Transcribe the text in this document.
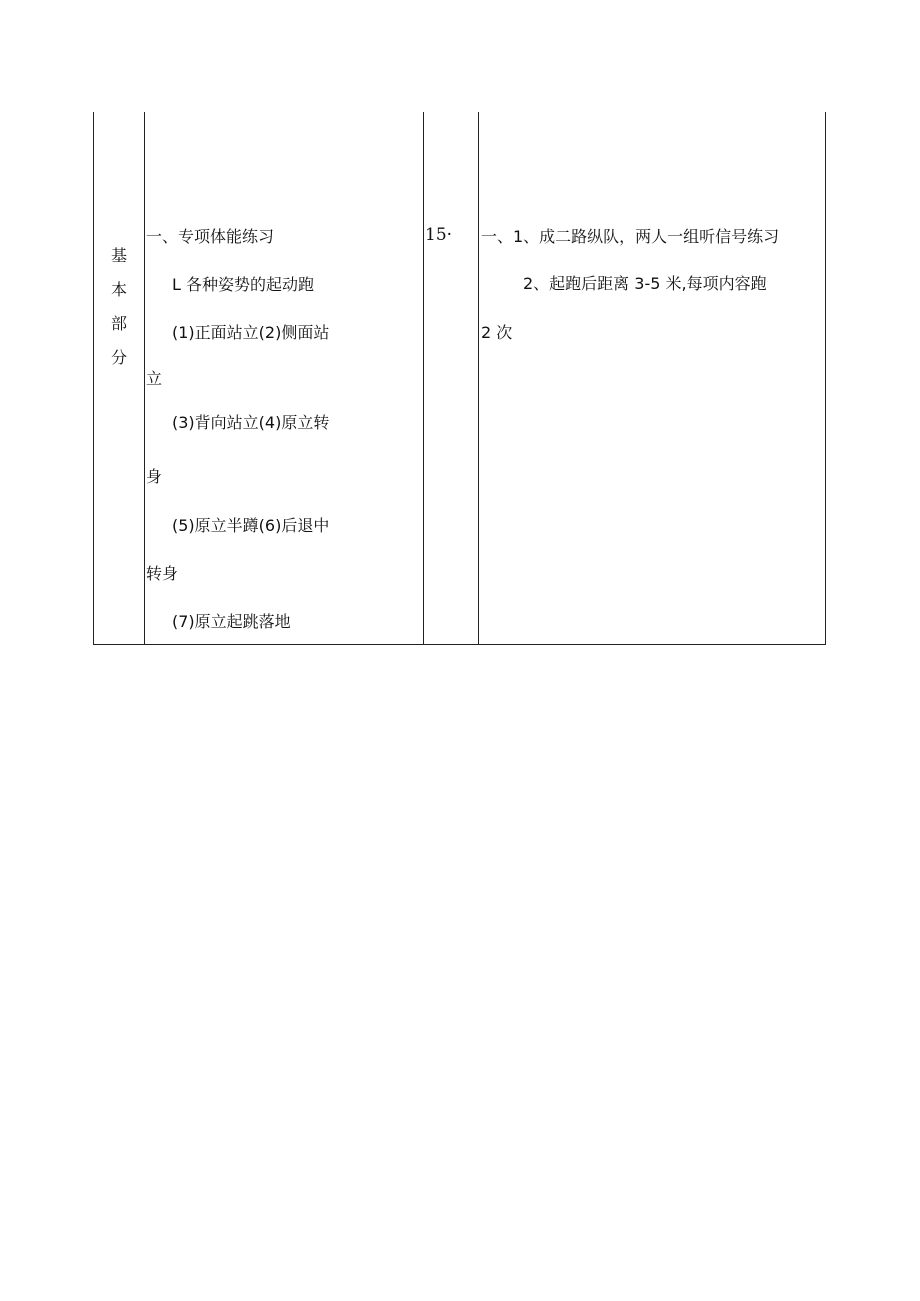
基
本
部
分
一、专项体能练习
L 各种姿势的起动跑
(1)正面站立(2)侧面站
立
(3)背向站立(4)原立转
身
(5)原立半蹲(6)后退中
转身
(7)原立起跳落地
15· 一、1、成二路纵队，两人一组听信号练习
2、起跑后距离 3-5 米,每项内容跑
2 次
